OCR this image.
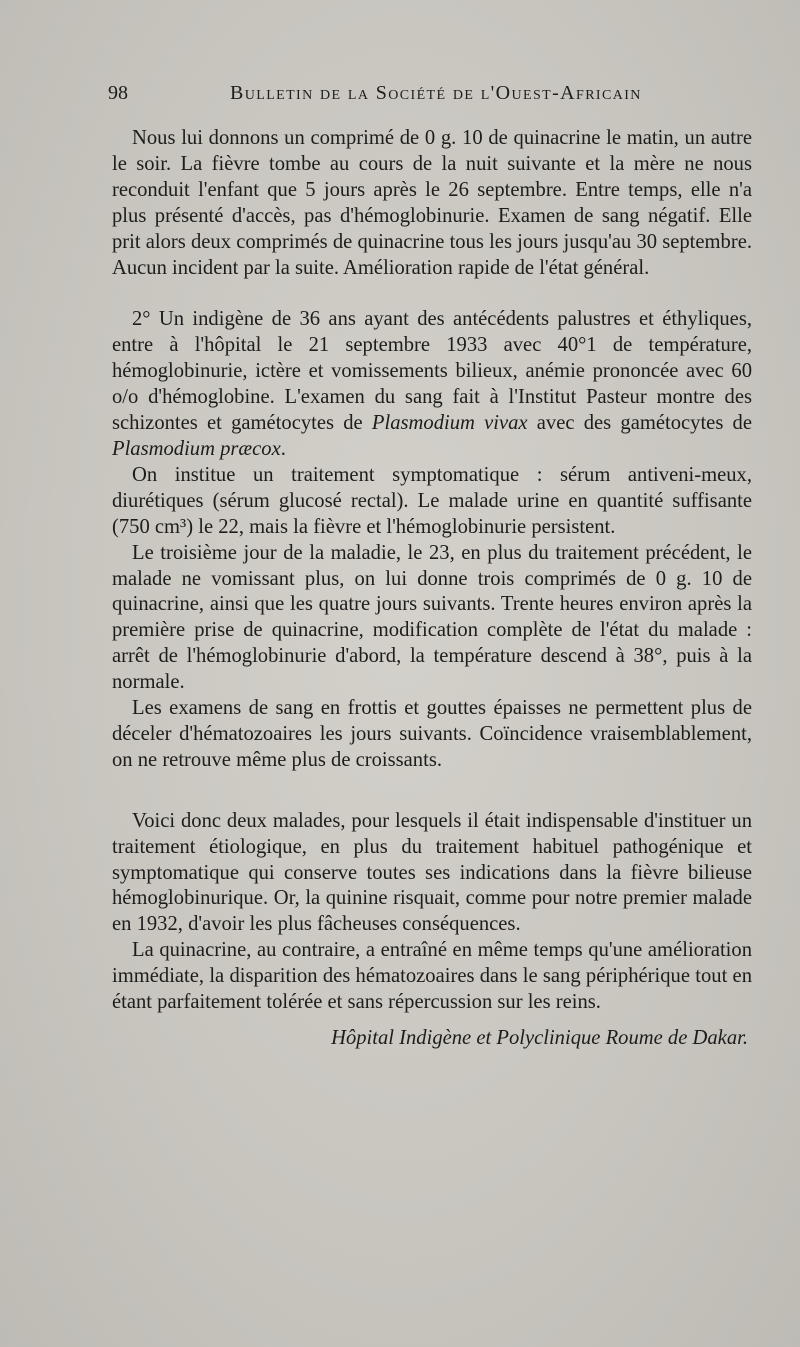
98	Bulletin de la Société de l'Ouest-Africain

Nous lui donnons un comprimé de 0 g. 10 de quinacrine le matin, un autre le soir. La fièvre tombe au cours de la nuit suivante et la mère ne nous reconduit l'enfant que 5 jours après le 26 septembre. Entre temps, elle n'a plus présenté d'accès, pas d'hémoglobinurie. Examen de sang négatif. Elle prit alors deux comprimés de quinacrine tous les jours jusqu'au 30 septembre. Aucun incident par la suite. Amélioration rapide de l'état général.

2° Un indigène de 36 ans ayant des antécédents palustres et éthyliques, entre à l'hôpital le 21 septembre 1933 avec 40°1 de température, hémoglobinurie, ictère et vomissements bilieux, anémie prononcée avec 60 o/o d'hémoglobine. L'examen du sang fait à l'Institut Pasteur montre des schizontes et gamétocytes de Plasmodium vivax avec des gamétocytes de Plasmodium præcox.

On institue un traitement symptomatique : sérum antiveni-meux, diurétiques (sérum glucosé rectal). Le malade urine en quantité suffisante (750 cm³) le 22, mais la fièvre et l'hémoglobinurie persistent.

Le troisième jour de la maladie, le 23, en plus du traitement précédent, le malade ne vomissant plus, on lui donne trois comprimés de 0 g. 10 de quinacrine, ainsi que les quatre jours suivants. Trente heures environ après la première prise de quinacrine, modification complète de l'état du malade : arrêt de l'hémoglobinurie d'abord, la température descend à 38°, puis à la normale.

Les examens de sang en frottis et gouttes épaisses ne permettent plus de déceler d'hématozoaires les jours suivants. Coïncidence vraisemblablement, on ne retrouve même plus de croissants.

Voici donc deux malades, pour lesquels il était indispensable d'instituer un traitement étiologique, en plus du traitement habituel pathogénique et symptomatique qui conserve toutes ses indications dans la fièvre bilieuse hémoglobinurique. Or, la quinine risquait, comme pour notre premier malade en 1932, d'avoir les plus fâcheuses conséquences.

La quinacrine, au contraire, a entraîné en même temps qu'une amélioration immédiate, la disparition des hématozoaires dans le sang périphérique tout en étant parfaitement tolérée et sans répercussion sur les reins.

Hôpital Indigène et Polyclinique Roume de Dakar.
